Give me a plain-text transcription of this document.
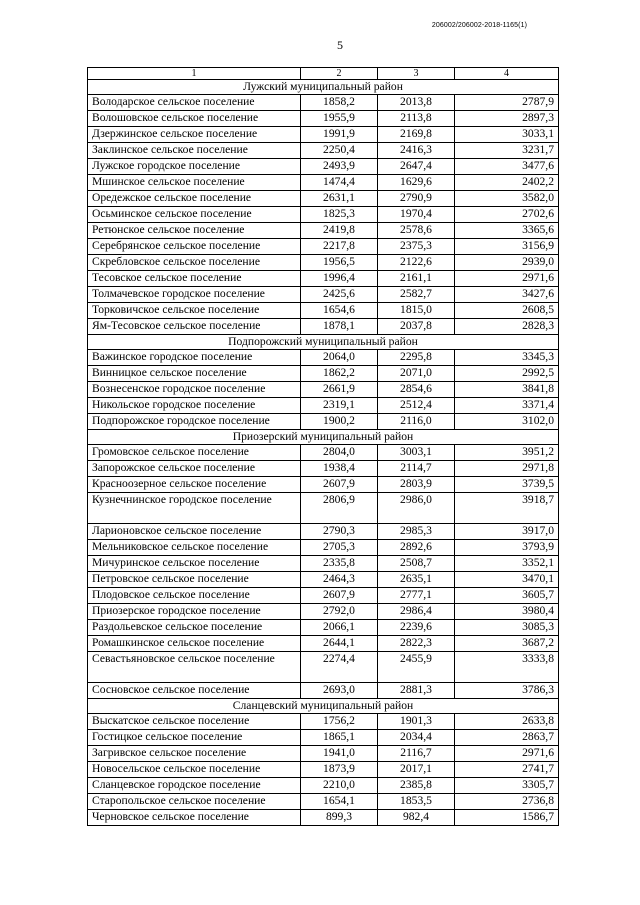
206002/206002-2018-1165(1)
5
1	2	3	4
Лужский муниципальный район			
Володарское сельское поселение	1858,2	2013,8	2787,9
Волошовское сельское поселение	1955,9	2113,8	2897,3
Дзержинское сельское поселение	1991,9	2169,8	3033,1
Заклинское сельское поселение	2250,4	2416,3	3231,7
Лужское городское поселение	2493,9	2647,4	3477,6
Мшинское сельское поселение	1474,4	1629,6	2402,2
Оредежское сельское поселение	2631,1	2790,9	3582,0
Осьминское сельское поселение	1825,3	1970,4	2702,6
Ретюнское сельское поселение	2419,8	2578,6	3365,6
Серебрянское сельское поселение	2217,8	2375,3	3156,9
Скребловское сельское поселение	1956,5	2122,6	2939,0
Тесовское сельское поселение	1996,4	2161,1	2971,6
Толмачевское городское поселение	2425,6	2582,7	3427,6
Торковичское сельское поселение	1654,6	1815,0	2608,5
Ям-Тесовское сельское поселение	1878,1	2037,8	2828,3
Подпорожский муниципальный район			
Важинское городское поселение	2064,0	2295,8	3345,3
Винницкое сельское поселение	1862,2	2071,0	2992,5
Вознесенское городское поселение	2661,9	2854,6	3841,8
Никольское городское поселение	2319,1	2512,4	3371,4
Подпорожское городское поселение	1900,2	2116,0	3102,0
Приозерский муниципальный район			
Громовское сельское поселение	2804,0	3003,1	3951,2
Запорожское сельское поселение	1938,4	2114,7	2971,8
Красноозерное сельское поселение	2607,9	2803,9	3739,5
Кузнечнинское городское поселение	2806,9	2986,0	3918,7
Ларионовское сельское поселение	2790,3	2985,3	3917,0
Мельниковское сельское поселение	2705,3	2892,6	3793,9
Мичуринское сельское поселение	2335,8	2508,7	3352,1
Петровское сельское поселение	2464,3	2635,1	3470,1
Плодовское сельское поселение	2607,9	2777,1	3605,7
Приозерское городское поселение	2792,0	2986,4	3980,4
Раздольевское сельское поселение	2066,1	2239,6	3085,3
Ромашкинское сельское поселение	2644,1	2822,3	3687,2
Севастьяновское сельское поселение	2274,4	2455,9	3333,8
Сосновское сельское поселение	2693,0	2881,3	3786,3
Сланцевский муниципальный район			
Выскатское сельское поселение	1756,2	1901,3	2633,8
Гостицкое сельское поселение	1865,1	2034,4	2863,7
Загривское сельское поселение	1941,0	2116,7	2971,6
Новосельское сельское поселение	1873,9	2017,1	2741,7
Сланцевское городское поселение	2210,0	2385,8	3305,7
Старопольское сельское поселение	1654,1	1853,5	2736,8
Черновское сельское поселение	899,3	982,4	1586,7
